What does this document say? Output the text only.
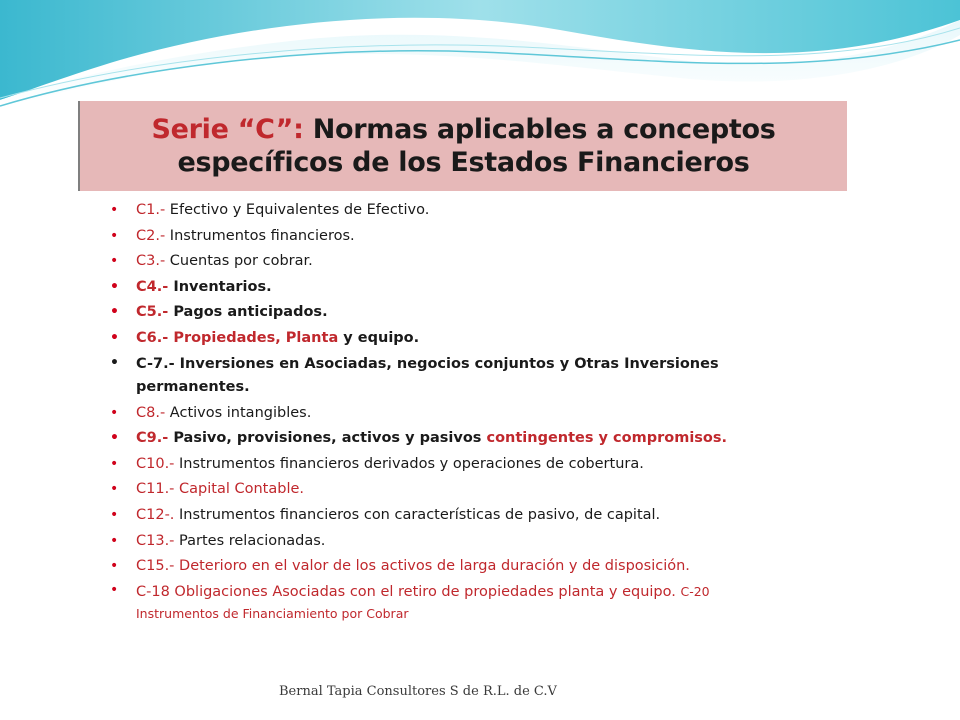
Serie “C”: Normas aplicables a conceptos
específicos de los Estados Financieros
• C1.- Efectivo y Equivalentes de Efectivo.
• C2.- Instrumentos financieros.
• C3.- Cuentas por cobrar.
• C4.- Inventarios.
• C5.- Pagos anticipados.
• C6.- Propiedades, Planta y equipo.
• C-7.- Inversiones en Asociadas, negocios conjuntos y Otras Inversiones permanentes.
• C8.- Activos intangibles.
• C9.- Pasivo, provisiones, activos y pasivos contingentes y compromisos.
• C10.- Instrumentos financieros derivados y operaciones de cobertura.
• C11.- Capital Contable.
• C12-. Instrumentos financieros con características de pasivo, de capital.
• C13.- Partes relacionadas.
• C15.- Deterioro en el valor de los activos de larga duración y de disposición.
• C-18 Obligaciones Asociadas con el retiro de propiedades planta y equipo. C-20 Instrumentos de Financiamiento por Cobrar
Bernal Tapia Consultores S de R.L. de C.V
